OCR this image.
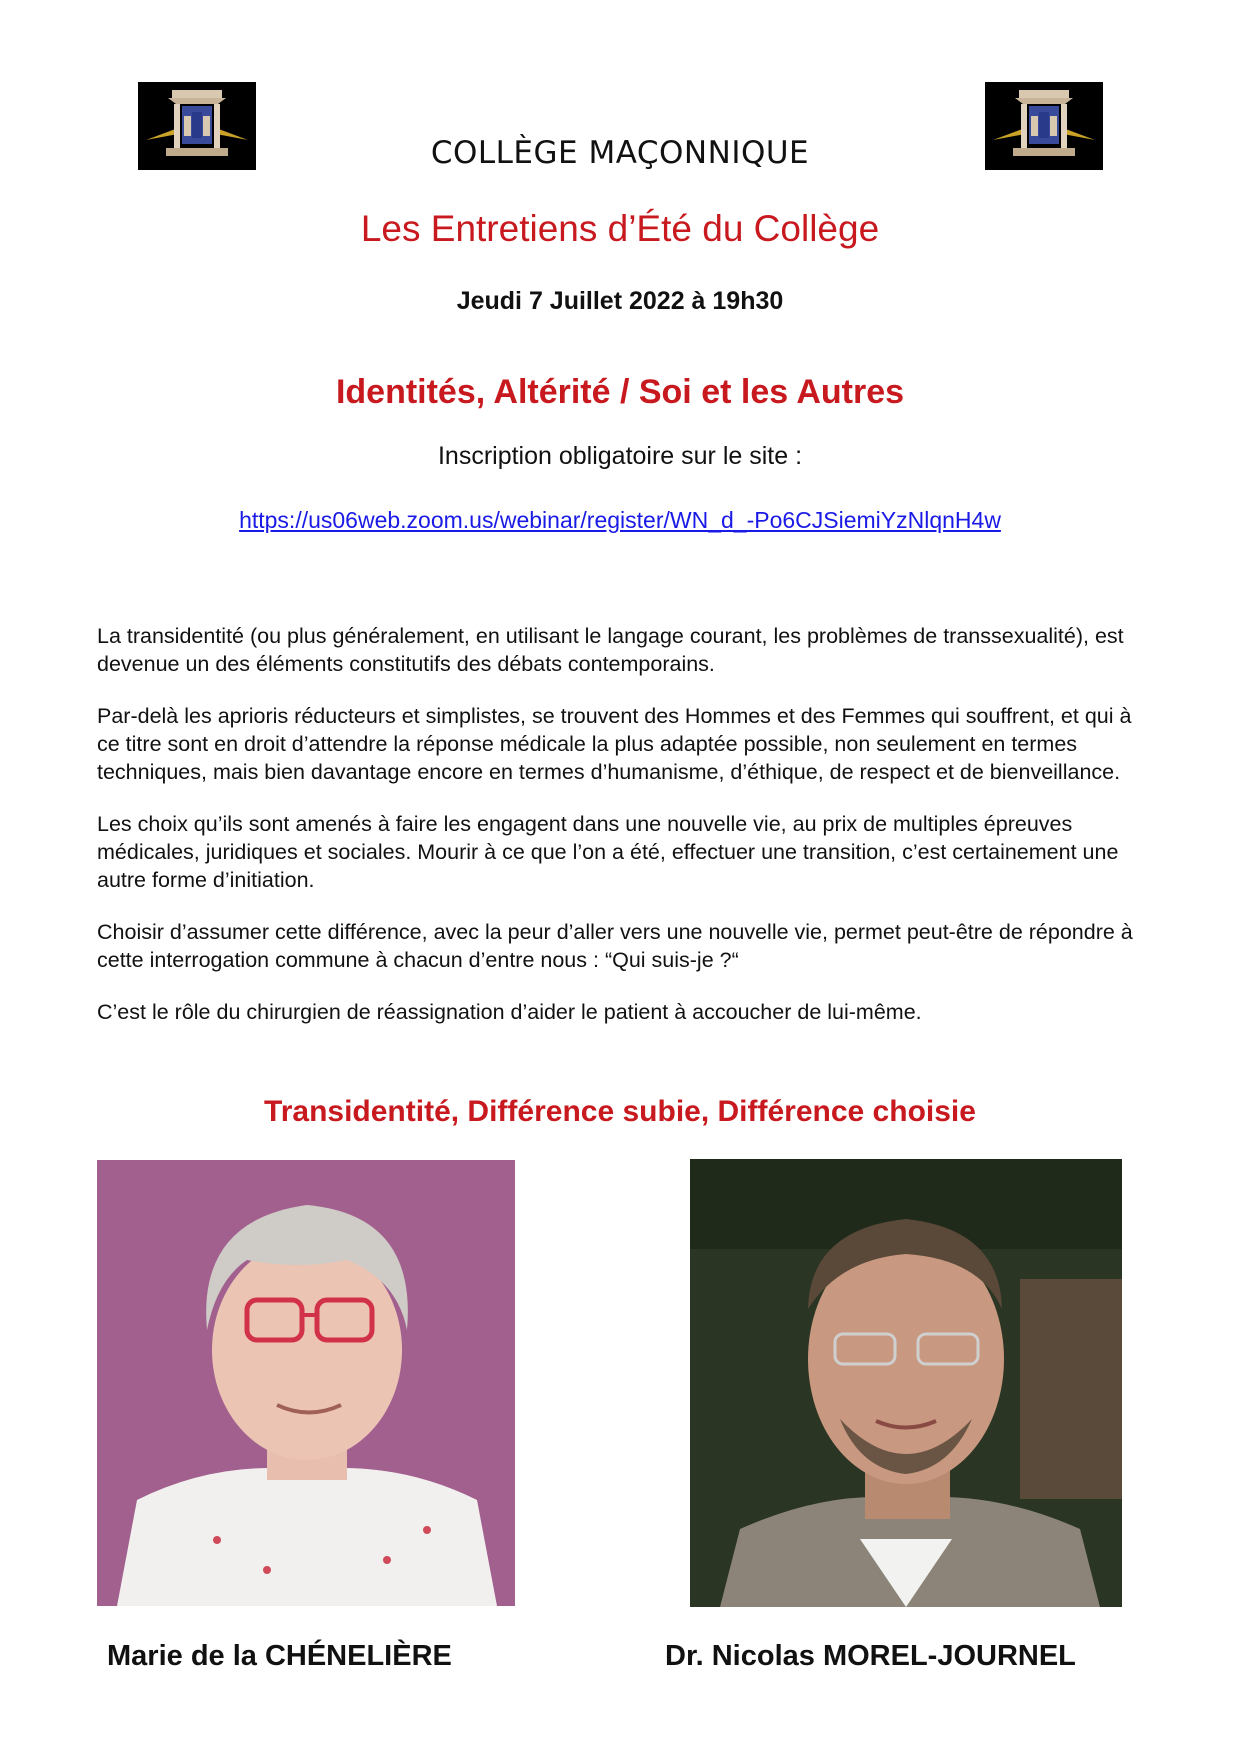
COLLÈGE MAÇONNIQUE
Les Entretiens d’Été du Collège
Jeudi 7 Juillet 2022 à 19h30
Identités, Altérité / Soi et les Autres
Inscription obligatoire sur le site :
https://us06web.zoom.us/webinar/register/WN_d_-Po6CJSiemiYzNlqnH4w

La transidentité (ou plus généralement, en utilisant le langage courant, les problèmes de transsexualité), est devenue un des éléments constitutifs des débats contemporains.

Par-delà les aprioris réducteurs et simplistes, se trouvent des Hommes et des Femmes qui souffrent, et qui à ce titre sont en droit d’attendre la réponse médicale la plus adaptée possible, non seulement en termes techniques, mais bien davantage encore en termes d’humanisme, d’éthique, de respect et de bienveillance.

Les choix qu’ils sont amenés à faire les engagent dans une nouvelle vie, au prix de multiples épreuves médicales, juridiques et sociales. Mourir à ce que l’on a été, effectuer une transition, c’est certainement une autre forme d’initiation.

Choisir d’assumer cette différence, avec la peur d’aller vers une nouvelle vie, permet peut-être de répondre à cette interrogation commune à chacun d’entre nous : “Qui suis-je ?“

C’est le rôle du chirurgien de réassignation d’aider le patient à accoucher de lui-même.

Transidentité, Différence subie, Différence choisie
Marie de la CHÉNELIÈRE	Dr. Nicolas MOREL-JOURNEL
